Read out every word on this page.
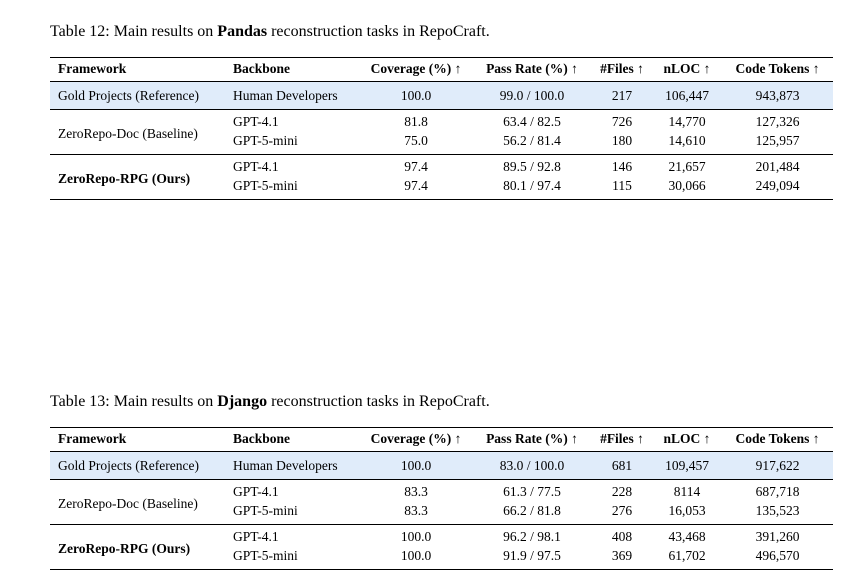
Table 12: Main results on Pandas reconstruction tasks in RepoCraft.

Framework	Backbone	Coverage (%) ↑	Pass Rate (%) ↑	#Files ↑	nLOC ↑	Code Tokens ↑
Gold Projects (Reference)	Human Developers	100.0	99.0 / 100.0	217	106,447	943,873
ZeroRepo-Doc (Baseline)	GPT-4.1	81.8	63.4 / 82.5	726	14,770	127,326
	GPT-5-mini	75.0	56.2 / 81.4	180	14,610	125,957
ZeroRepo-RPG (Ours)	GPT-4.1	97.4	89.5 / 92.8	146	21,657	201,484
	GPT-5-mini	97.4	80.1 / 97.4	115	30,066	249,094

Table 13: Main results on Django reconstruction tasks in RepoCraft.

Framework	Backbone	Coverage (%) ↑	Pass Rate (%) ↑	#Files ↑	nLOC ↑	Code Tokens ↑
Gold Projects (Reference)	Human Developers	100.0	83.0 / 100.0	681	109,457	917,622
ZeroRepo-Doc (Baseline)	GPT-4.1	83.3	61.3 / 77.5	228	8114	687,718
	GPT-5-mini	83.3	66.2 / 81.8	276	16,053	135,523
ZeroRepo-RPG (Ours)	GPT-4.1	100.0	96.2 / 98.1	408	43,468	391,260
	GPT-5-mini	100.0	91.9 / 97.5	369	61,702	496,570
